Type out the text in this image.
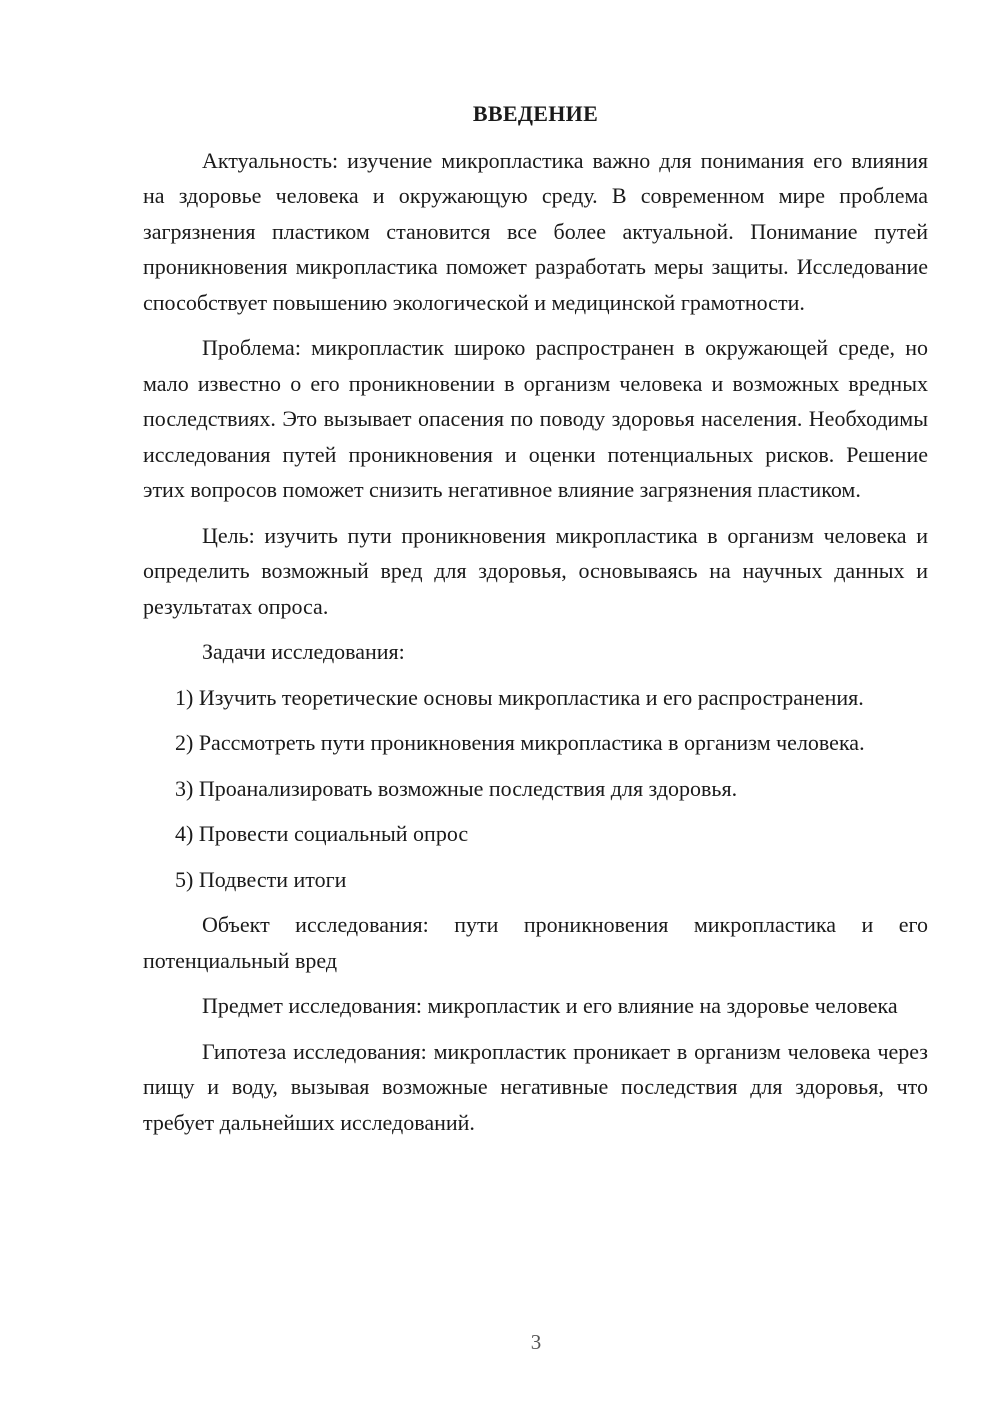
ВВЕДЕНИЕ

Актуальность: изучение микропластика важно для понимания его влияния на здоровье человека и окружающую среду. В современном мире проблема загрязнения пластиком становится все более актуальной. Понимание путей проникновения микропластика поможет разработать меры защиты. Исследование способствует повышению экологической и медицинской грамотности.

Проблема: микропластик широко распространен в окружающей среде, но мало известно о его проникновении в организм человека и возможных вредных последствиях. Это вызывает опасения по поводу здоровья населения. Необходимы исследования путей проникновения и оценки потенциальных рисков. Решение этих вопросов поможет снизить негативное влияние загрязнения пластиком.

Цель: изучить пути проникновения микропластика в организм человека и определить возможный вред для здоровья, основываясь на научных данных и результатах опроса.

Задачи исследования:

1) Изучить теоретические основы микропластика и его распространения.

2) Рассмотреть пути проникновения микропластика в организм человека.

3) Проанализировать возможные последствия для здоровья.

4) Провести социальный опрос

5) Подвести итоги

Объект исследования: пути проникновения микропластика и его потенциальный вред

Предмет исследования: микропластик и его влияние на здоровье человека

Гипотеза исследования: микропластик проникает в организм человека через пищу и воду, вызывая возможные негативные последствия для здоровья, что требует дальнейших исследований.

3
